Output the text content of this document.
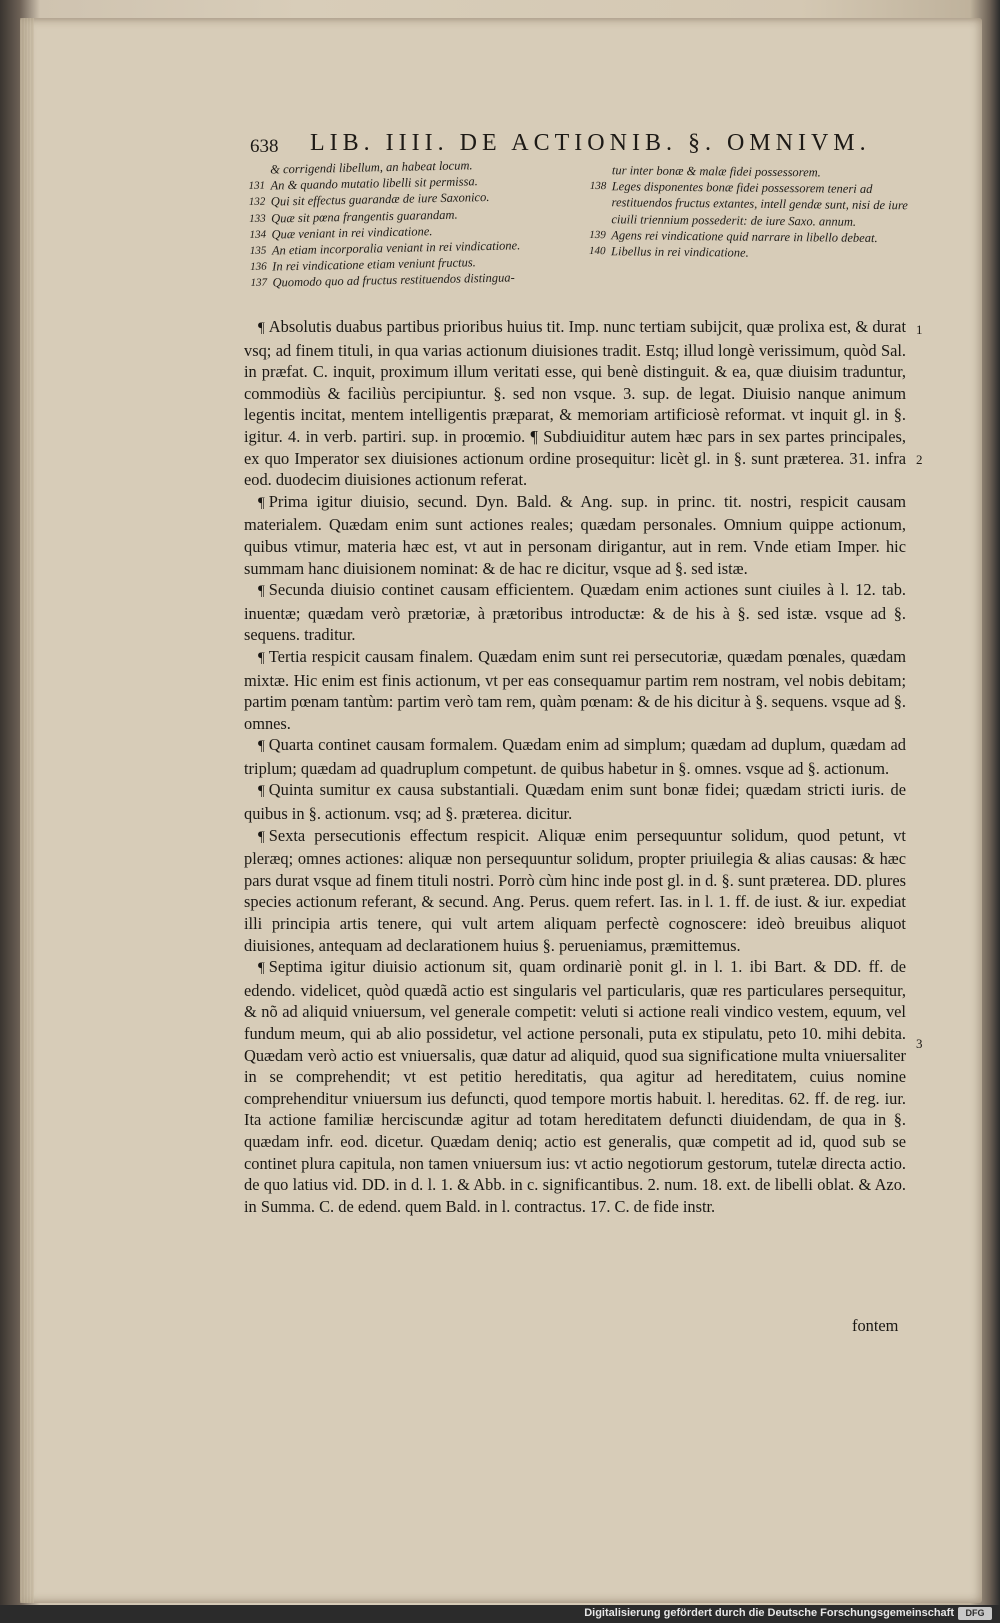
638 LIB. IIII. DE ACTIONIB. §. OMNIVM.
& corrigendi libellum, an habeat locum.
131 An & quando mutatio libelli sit permissa.
132 Qui sit effectus guarandæ de iure Saxonico.
133 Quæ sit pœna frangentis guarandam.
134 Quæ veniant in rei vindicatione.
135 An etiam incorporalia veniant in rei vindicatione.
136 In rei vindicatione etiam veniunt fructus.
137 Quomodo quo ad fructus restituendos distingua-
tur inter bonæ & malæ fidei possessorem.
138 Leges disponentes bonæ fidei possessorem teneri ad restituendos fructus extantes, intell gendæ sunt, nisi de iure ciuili triennium possederit: de iure Saxo. annum.
139 Agens rei vindicatione quid narrare in libello debeat.
140 Libellus in rei vindicatione.

¶ Absolutis duabus partibus prioribus huius tit. Imp. nunc tertiam subijcit, quæ prolixa est, & durat vsq; ad finem tituli, in qua varias actionum diuisiones tradit. Estq; illud longè verissimum, quòd Sal. in præfat. C. inquit, proximum illum veritati esse, qui benè distinguit. & ea, quæ diuisim traduntur, commodiùs & faciliùs percipiuntur. §. sed non vsque. 3. sup. de legat. Diuisio nanque animum legentis incitat, mentem intelligentis præparat, & memoriam artificiosè reformat. vt inquit gl. in §. igitur. 4. in verb. partiri. sup. in proœmio. ¶ Subdiuiditur autem hæc pars in sex partes principales, ex quo Imperator sex diuisiones actionum ordine prosequitur: licèt gl. in §. sunt præterea. 31. infra eod. duodecim diuisiones actionum referat.

¶ Prima igitur diuisio, secund. Dyn. Bald. & Ang. sup. in princ. tit. nostri, respicit causam materialem. Quædam enim sunt actiones reales; quædam personales. Omnium quippe actionum, quibus vtimur, materia hæc est, vt aut in personam dirigantur, aut in rem. Vnde etiam Imper. hic summam hanc diuisionem nominat: & de hac re dicitur, vsque ad §. sed istæ.

¶ Secunda diuisio continet causam efficientem. Quædam enim actiones sunt ciuiles à l. 12. tab. inuentæ; quædam verò prætoriæ, à prætoribus introductæ: & de his à §. sed istæ. vsque ad §. sequens. traditur.

¶ Tertia respicit causam finalem. Quædam enim sunt rei persecutoriæ, quædam pœnales, quædam mixtæ. Hic enim est finis actionum, vt per eas consequamur partim rem nostram, vel nobis debitam; partim pœnam tantùm: partim verò tam rem, quàm pœnam: & de his dicitur à §. sequens. vsque ad §. omnes.

¶ Quarta continet causam formalem. Quædam enim ad simplum; quædam ad duplum, quædam ad triplum; quædam ad quadruplum competunt. de quibus habetur in §. omnes. vsque ad §. actionum.

¶ Quinta sumitur ex causa substantiali. Quædam enim sunt bonæ fidei; quædam stricti iuris. de quibus in §. actionum. vsq; ad §. præterea. dicitur.

¶ Sexta persecutionis effectum respicit. Aliquæ enim persequuntur solidum, quod petunt, vt pleræq; omnes actiones: aliquæ non persequuntur solidum, propter priuilegia & alias causas: & hæc pars durat vsque ad finem tituli nostri. Porrò cùm hinc inde post gl. in d. §. sunt præterea. DD. plures species actionum referant, & secund. Ang. Perus. quem refert. Ias. in l. 1. ff. de iust. & iur. expediat illi principia artis tenere, qui vult artem aliquam perfectè cognoscere: ideò breuibus aliquot diuisiones, antequam ad declarationem huius §. perueniamus, præmittemus.

¶ Septima igitur diuisio actionum sit, quam ordinariè ponit gl. in l. 1. ibi Bart. & DD. ff. de edendo. videlicet, quòd quædã actio est singularis vel particularis, quæ res particulares persequitur, & nõ ad aliquid vniuersum, vel generale competit: veluti si actione reali vindico vestem, equum, vel fundum meum, qui ab alio possidetur, vel actione personali, puta ex stipulatu, peto 10. mihi debita. Quædam verò actio est vniuersalis, quæ datur ad aliquid, quod sua significatione multa vniuersaliter in se comprehendit; vt est petitio hereditatis, qua agitur ad hereditatem, cuius nomine comprehenditur vniuersum ius defuncti, quod tempore mortis habuit. l. hereditas. 62. ff. de reg. iur. Ita actione familiæ herciscundæ agitur ad totam hereditatem defuncti diuidendam, de qua in §. quædam infr. eod. dicetur. Quædam deniq; actio est generalis, quæ competit ad id, quod sub se continet plura capitula, non tamen vniuersum ius: vt actio negotiorum gestorum, tutelæ directa actio. de quo latius vid. DD. in d. l. 1. & Abb. in c. significantibus. 2. num. 18. ext. de libelli oblat. & Azo. in Summa. C. de edend. quem Bald. in l. contractus. 17. C. de fide instr.

1
2
3
fontem
Digitalisierung gefördert durch die Deutsche Forschungsgemeinschaft	DFG
